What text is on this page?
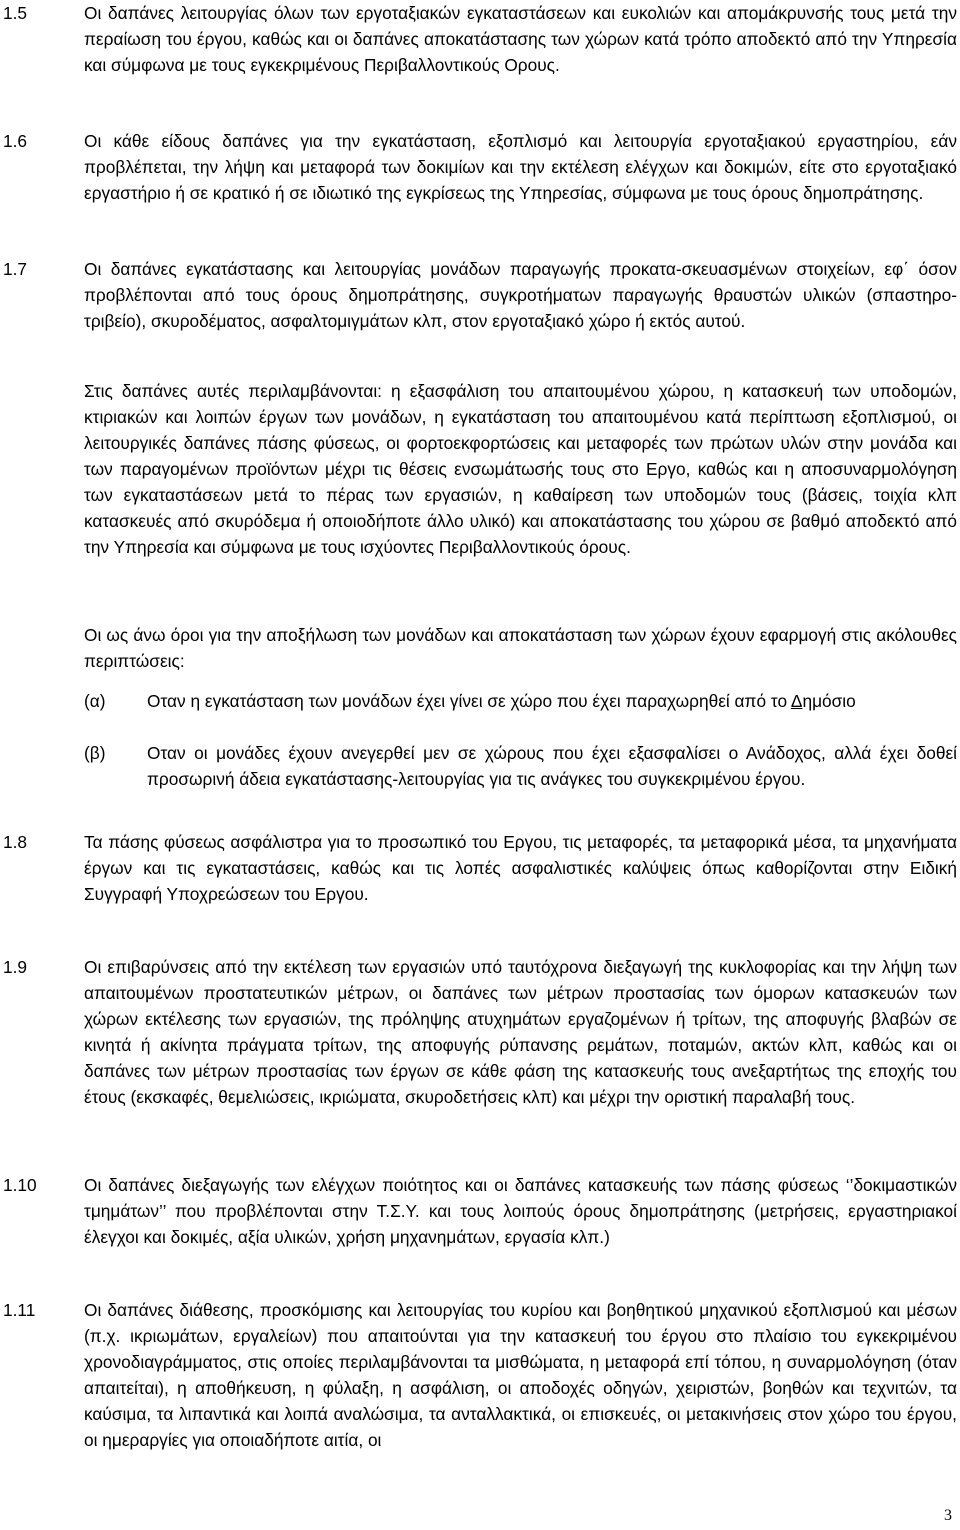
1.5	Οι δαπάνες λειτουργίας όλων των εργοταξιακών εγκαταστάσεων και ευκολιών και απομάκρυνσής τους μετά την περαίωση του έργου, καθώς και οι δαπάνες αποκατάστασης των χώρων κατά τρόπο αποδεκτό από την Υπηρεσία και σύμφωνα με τους εγκεκριμένους Περιβαλλοντικούς Ορους.
1.6	Οι κάθε είδους δαπάνες για την εγκατάσταση, εξοπλισμό και λειτουργία εργοταξιακού εργαστηρίου, εάν προβλέπεται, την λήψη και μεταφορά των δοκιμίων και την εκτέλεση ελέγχων και δοκιμών, είτε στο εργοταξιακό εργαστήριο ή σε κρατικό ή σε ιδιωτικό της εγκρίσεως της Υπηρεσίας, σύμφωνα με τους όρους δημοπράτησης.
1.7	Οι δαπάνες εγκατάστασης και λειτουργίας μονάδων παραγωγής προκατα-σκευασμένων στοιχείων, εφ΄ όσον προβλέπονται από τους όρους δημοπράτησης, συγκροτήματων παραγωγής θραυστών υλικών (σπαστηρο-τριβείο), σκυροδέματος, ασφαλτομιγμάτων κλπ, στον εργοταξιακό χώρο ή εκτός αυτού.
Στις δαπάνες αυτές περιλαμβάνονται: η εξασφάλιση του απαιτουμένου χώρου, η κατασκευή των υποδομών, κτιριακών και λοιπών έργων των μονάδων, η εγκατάσταση του απαιτουμένου κατά περίπτωση εξοπλισμού, οι λειτουργικές δαπάνες πάσης φύσεως, οι φορτοεκφορτώσεις και μεταφορές των πρώτων υλών στην μονάδα και των παραγομένων προϊόντων μέχρι τις θέσεις ενσωμάτωσής τους στο Εργο, καθώς και η αποσυναρμολόγηση των εγκαταστάσεων μετά το πέρας των εργασιών, η καθαίρεση των υποδομών τους (βάσεις, τοιχία κλπ κατασκευές από σκυρόδεμα ή οποιοδήποτε άλλο υλικό) και αποκατάστασης του χώρου σε βαθμό αποδεκτό από την Υπηρεσία και σύμφωνα με τους ισχύοντες Περιβαλλοντικούς όρους.
Οι ως άνω όροι για την αποξήλωση των μονάδων και αποκατάσταση των χώρων έχουν εφαρμογή στις ακόλουθες περιπτώσεις:
(α) Οταν η εγκατάσταση των μονάδων έχει γίνει σε χώρο που έχει παραχωρηθεί από το Δημόσιο
(β) Οταν οι μονάδες έχουν ανεγερθεί μεν σε χώρους που έχει εξασφαλίσει ο Ανάδοχος, αλλά έχει δοθεί προσωρινή άδεια εγκατάστασης-λειτουργίας για τις ανάγκες του συγκεκριμένου έργου.
1.8	Τα πάσης φύσεως ασφάλιστρα για το προσωπικό του Εργου, τις μεταφορές, τα μεταφορικά μέσα, τα μηχανήματα έργων και τις εγκαταστάσεις, καθώς και τις λοπές ασφαλιστικές καλύψεις όπως καθορίζονται στην Ειδική Συγγραφή Υποχρεώσεων του Εργου.
1.9	Οι επιβαρύνσεις από την εκτέλεση των εργασιών υπό ταυτόχρονα διεξαγωγή της κυκλοφορίας και την λήψη των απαιτουμένων προστατευτικών μέτρων, οι δαπάνες των μέτρων προστασίας των όμορων κατασκευών των χώρων εκτέλεσης των εργασιών, της πρόληψης ατυχημάτων εργαζομένων ή τρίτων, της αποφυγής βλαβών σε κινητά ή ακίνητα πράγματα τρίτων, της αποφυγής ρύπανσης ρεμάτων, ποταμών, ακτών κλπ, καθώς και οι δαπάνες των μέτρων προστασίας των έργων σε κάθε φάση της κατασκευής τους ανεξαρτήτως της εποχής του έτους (εκσκαφές, θεμελιώσεις, ικριώματα, σκυροδετήσεις κλπ) και μέχρι την οριστική παραλαβή τους.
1.10	Οι δαπάνες διεξαγωγής των ελέγχων ποιότητος και οι δαπάνες κατασκευής των πάσης φύσεως ‘’δοκιμαστικών τμημάτων’’ που προβλέπονται στην Τ.Σ.Υ. και τους λοιπούς όρους δημοπράτησης (μετρήσεις, εργαστηριακοί έλεγχοι και δοκιμές, αξία υλικών, χρήση μηχανημάτων, εργασία κλπ.)
1.11	Οι δαπάνες διάθεσης, προσκόμισης και λειτουργίας του κυρίου και βοηθητικού μηχανικού εξοπλισμού και μέσων (π.χ. ικριωμάτων, εργαλείων) που απαιτούνται για την κατασκευή του έργου στο πλαίσιο του εγκεκριμένου χρονοδιαγράμματος, στις οποίες περιλαμβάνονται τα μισθώματα, η μεταφορά επί τόπου, η συναρμολόγηση (όταν απαιτείται), η αποθήκευση, η φύλαξη, η ασφάλιση, οι αποδοχές οδηγών, χειριστών, βοηθών και τεχνιτών, τα καύσιμα, τα λιπαντικά και λοιπά αναλώσιμα, τα ανταλλακτικά, οι επισκευές, οι μετακινήσεις στον χώρο του έργου, οι ημεραργίες για οποιαδήποτε αιτία, οι
3
